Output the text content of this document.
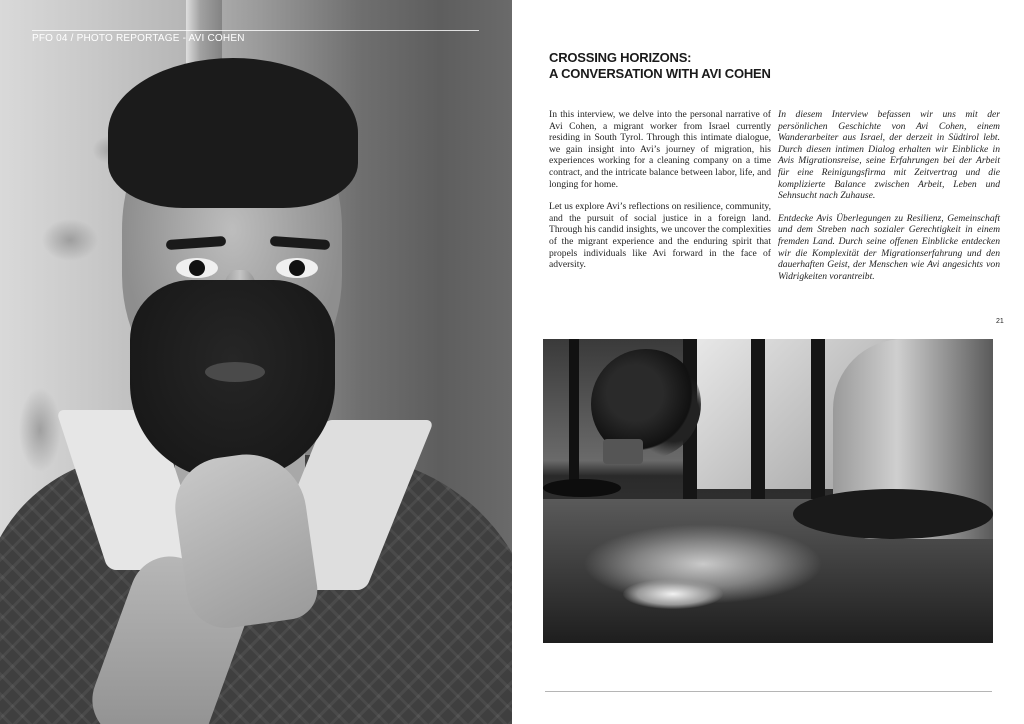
PFO 04 / PHOTO REPORTAGE - AVI COHEN
CROSSING HORIZONS:
A CONVERSATION WITH AVI COHEN

In this interview, we delve into the personal narrative of Avi Cohen, a migrant worker from Israel currently residing in South Tyrol. Through this intimate dialogue, we gain insight into Avi’s journey of migration, his experiences working for a cleaning company on a time contract, and the intricate balance between labor, life, and longing for home.

Let us explore Avi’s reflections on resilience, community, and the pursuit of social justice in a foreign land. Through his candid insights, we uncover the complexities of the migrant experience and the enduring spirit that propels individuals like Avi forward in the face of adversity.

In diesem Interview befassen wir uns mit der persönlichen Geschichte von Avi Cohen, einem Wanderarbeiter aus Israel, der derzeit in Südtirol lebt. Durch diesen intimen Dialog erhalten wir Einblicke in Avis Migrationsreise, seine Erfahrungen bei der Arbeit für eine Reinigungsfirma mit Zeitvertrag und die komplizierte Balance zwischen Arbeit, Leben und Sehnsucht nach Zuhause.

Entdecke Avis Überlegungen zu Resilienz, Gemeinschaft und dem Streben nach sozialer Gerechtigkeit in einem fremden Land. Durch seine offenen Einblicke entdecken wir die Komplexität der Migrationserfahrung und den dauerhaften Geist, der Menschen wie Avi angesichts von Widrigkeiten vorantreibt.

21
